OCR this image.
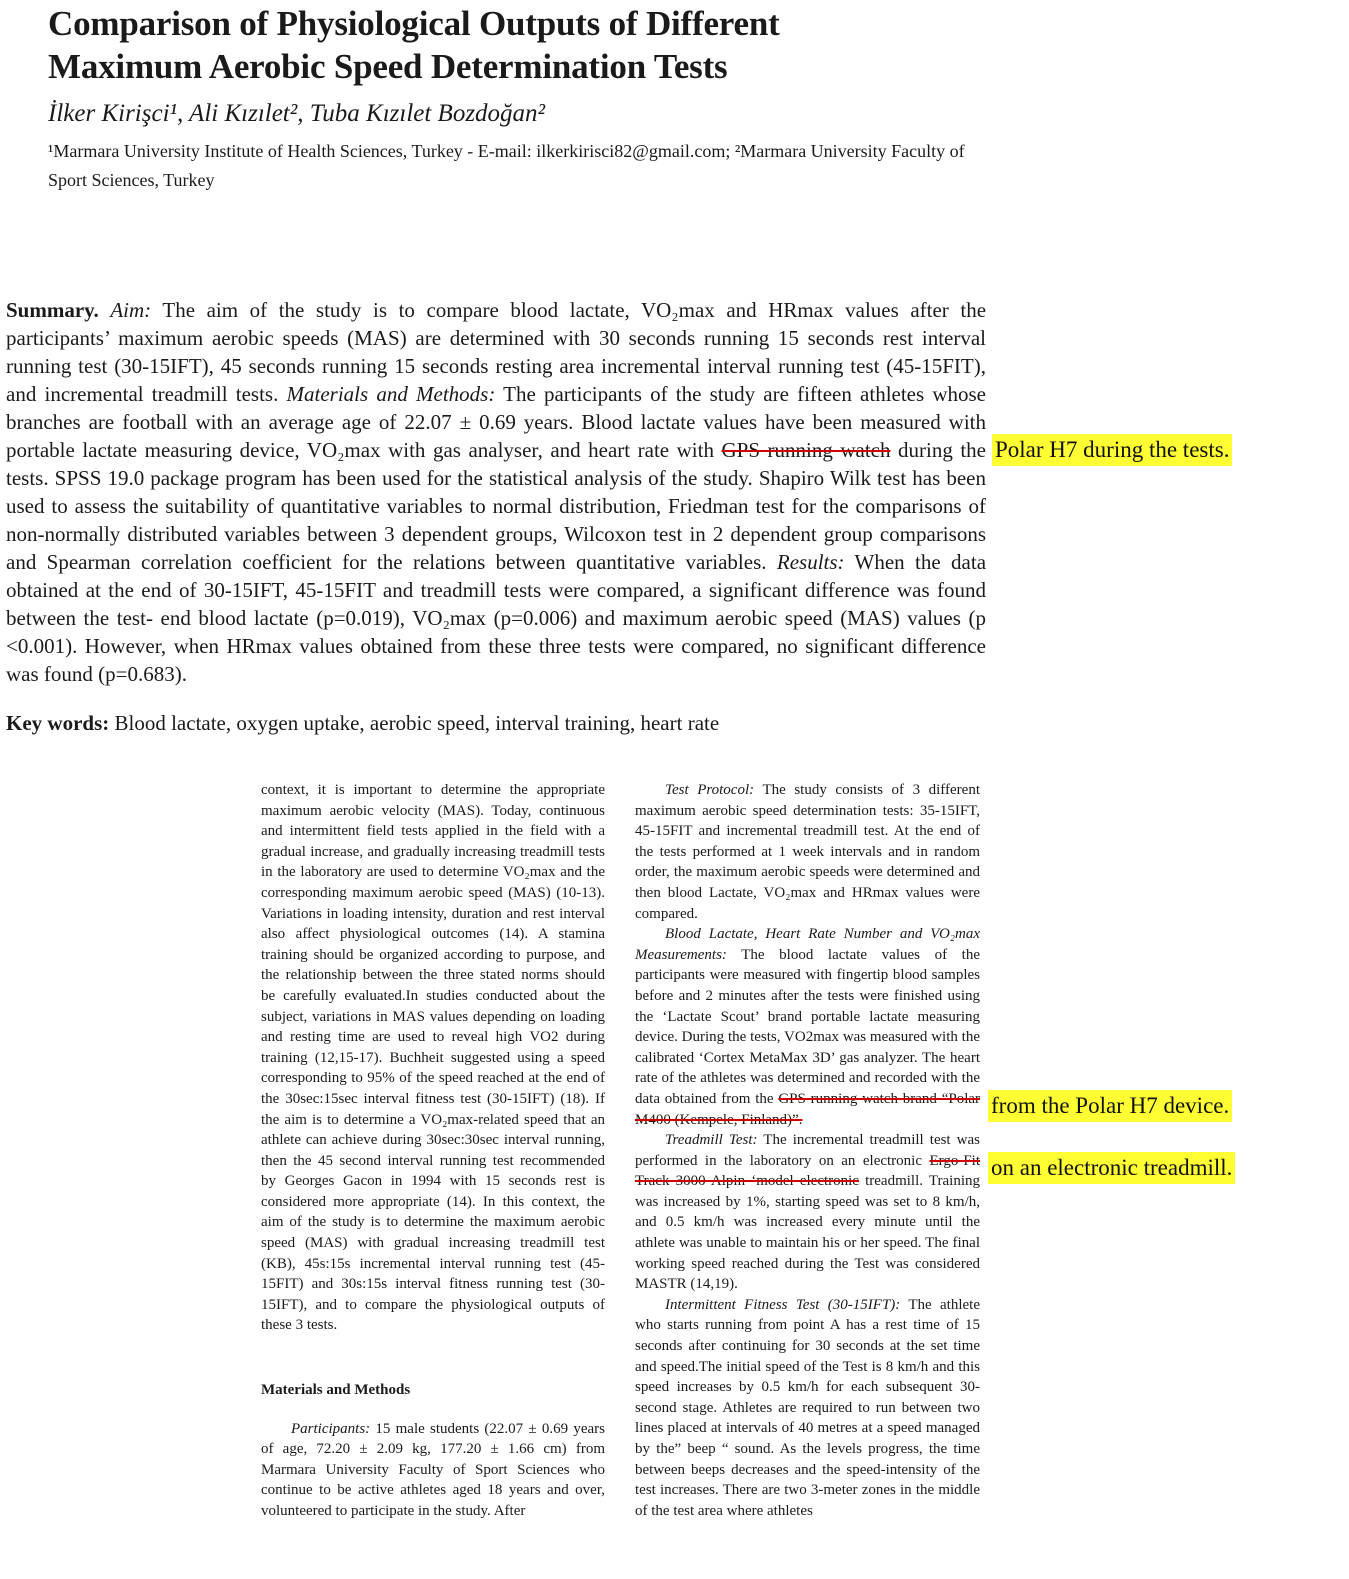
Comparison of Physiological Outputs of Different
Maximum Aerobic Speed Determination Tests
İlker Kirişci¹, Ali Kızılet², Tuba Kızılet Bozdoğan²
¹Marmara University Institute of Health Sciences, Turkey - E-mail: ilkerkirisci82@gmail.com; ²Marmara University Faculty of Sport Sciences, Turkey
Summary. Aim: The aim of the study is to compare blood lactate, VO₂max and HRmax values after the participants’ maximum aerobic speeds (MAS) are determined with 30 seconds running 15 seconds rest interval running test (30-15IFT), 45 seconds running 15 seconds resting area incremental interval running test (45-15FIT), and incremental treadmill tests. Materials and Methods: The participants of the study are fifteen athletes whose branches are football with an average age of 22.07 ± 0.69 years. Blood lactate values have been measured with portable lactate measuring device, VO₂max with gas analyser, and heart rate with GPS running watch during the tests. SPSS 19.0 package program has been used for the statistical analysis of the study. Shapiro Wilk test has been used to assess the suitability of quantitative variables to normal distribution, Friedman test for the comparisons of non-normally distributed variables between 3 dependent groups, Wilcoxon test in 2 dependent group comparisons and Spearman correlation coefficient for the relations between quantitative variables. Results: When the data obtained at the end of 30-15IFT, 45-15FIT and treadmill tests were compared, a significant difference was found between the test- end blood lactate (p=0.019), VO₂max (p=0.006) and maximum aerobic speed (MAS) values (p <0.001). However, when HRmax values obtained from these three tests were compared, no significant difference was found (p=0.683).
Key words: Blood lactate, oxygen uptake, aerobic speed, interval training, heart rate
Polar H7 during the tests.
from the Polar H7 device.
on an electronic treadmill.
context, it is important to determine the appropriate maximum aerobic velocity (MAS). Today, continuous and intermittent field tests applied in the field with a gradual increase, and gradually increasing treadmill tests in the laboratory are used to determine VO₂max and the corresponding maximum aerobic speed (MAS) (10-13). Variations in loading intensity, duration and rest interval also affect physiological outcomes (14). A stamina training should be organized according to purpose, and the relationship between the three stated norms should be carefully evaluated.In studies conducted about the subject, variations in MAS values depending on loading and resting time are used to reveal high VO2 during training (12,15-17). Buchheit suggested using a speed corresponding to 95% of the speed reached at the end of the 30sec:15sec interval fitness test (30-15IFT) (18). If the aim is to determine a VO₂max-related speed that an athlete can achieve during 30sec:30sec interval running, then the 45 second interval running test recommended by Georges Gacon in 1994 with 15 seconds rest is considered more appropriate (14). In this context, the aim of the study is to determine the maximum aerobic speed (MAS) with gradual increasing treadmill test (KB), 45s:15s incremental interval running test (45-15FIT) and 30s:15s interval fitness running test (30-15IFT), and to compare the physiological outputs of these 3 tests.
Materials and Methods
Participants: 15 male students (22.07 ± 0.69 years of age, 72.20 ± 2.09 kg, 177.20 ± 1.66 cm) from Marmara University Faculty of Sport Sciences who continue to be active athletes aged 18 years and over, volunteered to participate in the study. After
Test Protocol: The study consists of 3 different maximum aerobic speed determination tests: 35-15IFT, 45-15FIT and incremental treadmill test. At the end of the tests performed at 1 week intervals and in random order, the maximum aerobic speeds were determined and then blood Lactate, VO₂max and HRmax values were compared.
Blood Lactate, Heart Rate Number and VO₂max Measurements: The blood lactate values of the participants were measured with fingertip blood samples before and 2 minutes after the tests were finished using the ‘Lactate Scout’ brand portable lactate measuring device. During the tests, VO2max was measured with the calibrated ‘Cortex MetaMax 3D’ gas analyzer. The heart rate of the athletes was determined and recorded with the data obtained from the GPS running watch brand “Polar M400 (Kempele, Finland)”.
Treadmill Test: The incremental treadmill test was performed in the laboratory on an electronic Ergo-Fit Track 3000 Alpin ‘model electronic treadmill. Training was increased by 1%, starting speed was set to 8 km/h, and 0.5 km/h was increased every minute until the athlete was unable to maintain his or her speed. The final working speed reached during the Test was considered MASTR (14,19).
Intermittent Fitness Test (30-15IFT): The athlete who starts running from point A has a rest time of 15 seconds after continuing for 30 seconds at the set time and speed.The initial speed of the Test is 8 km/h and this speed increases by 0.5 km/h for each subsequent 30-second stage. Athletes are required to run between two lines placed at intervals of 40 metres at a speed managed by the” beep “ sound. As the levels progress, the time between beeps decreases and the speed-intensity of the test increases. There are two 3-meter zones in the middle of the test area where athletes
